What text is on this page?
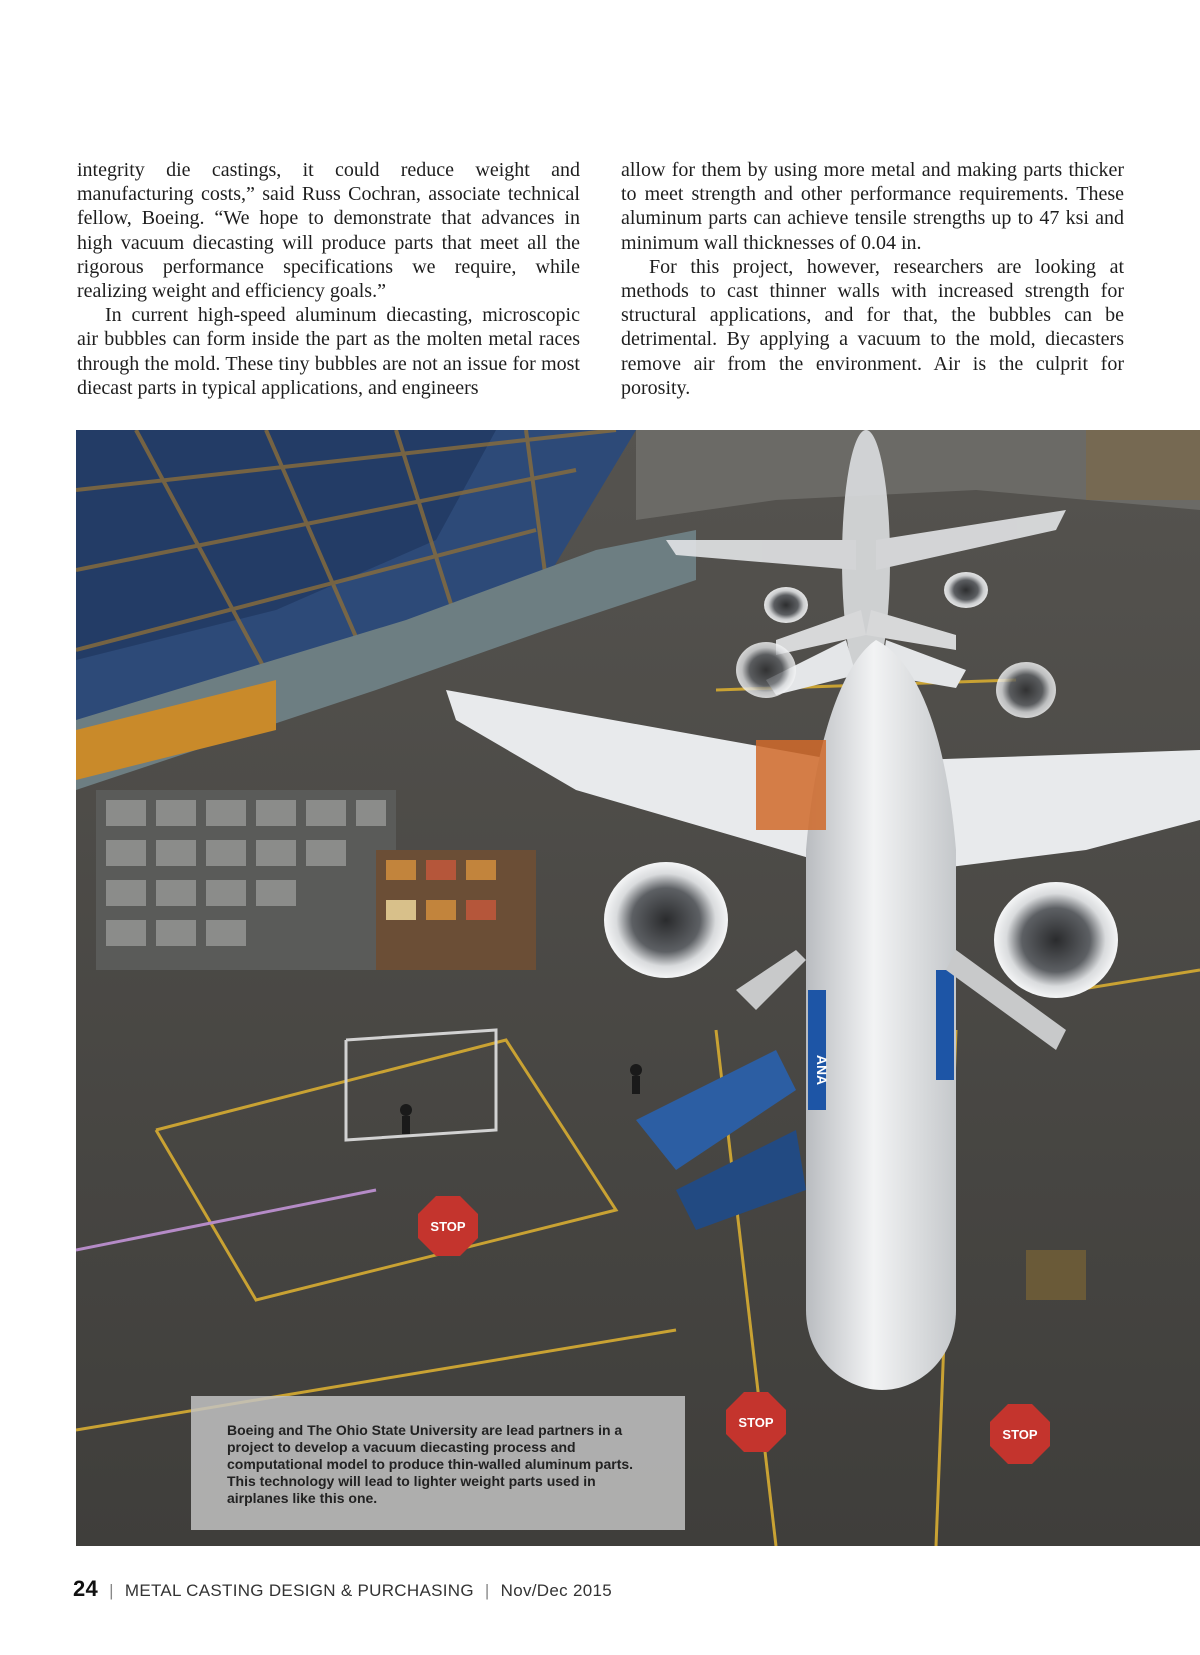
integrity die castings, it could reduce weight and manufacturing costs,” said Russ Cochran, associate technical fellow, Boeing. “We hope to demonstrate that advances in high vacuum diecasting will produce parts that meet all the rigorous performance specifications we require, while realizing weight and efficiency goals.”

In current high-speed aluminum diecasting, microscopic air bubbles can form inside the part as the molten metal races through the mold. These tiny bubbles are not an issue for most diecast parts in typical applications, and engineers

allow for them by using more metal and making parts thicker to meet strength and other performance requirements. These aluminum parts can achieve tensile strengths up to 47 ksi and minimum wall thicknesses of 0.04 in.

For this project, however, researchers are looking at methods to cast thinner walls with increased strength for structural applications, and for that, the bubbles can be detrimental. By applying a vacuum to the mold, diecasters remove air from the environment. Air is the culprit for porosity.

STOP
STOP
STOP
ANA
Boeing and The Ohio State University are lead partners in a project to develop a vacuum diecasting process and computational model to produce thin-walled aluminum parts. This technology will lead to lighter weight parts used in airplanes like this one.
24 | METAL CASTING DESIGN & PURCHASING | Nov/Dec 2015
